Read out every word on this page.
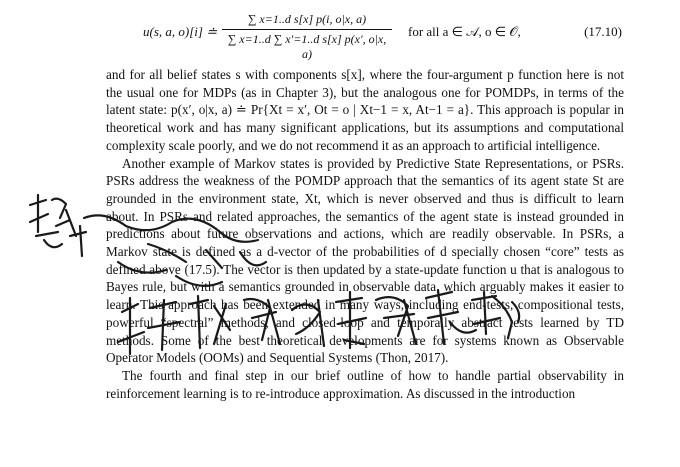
u(s, a, o)[i] ≐ $\frac{\text{∑ x=1..d s[x] p(i, o|x, a)}}{\text{∑ x=1..d ∑ x′=1..d s[x] p(x′, o|x, a)}}$ for all a ∈ 𝒜, o ∈ 𝒪,	(17.10)

and for all belief states s with components s[x], where the four-argument p function here is not the usual one for MDPs (as in Chapter 3), but the analogous one for POMDPs, in terms of the latent state: p(x′, o|x, a) ≐ Pr{Xt = x′, Ot = o | Xt−1 = x, At−1 = a}. This approach is popular in theoretical work and has many significant applications, but its assumptions and computational complexity scale poorly, and we do not recommend it as an approach to artificial intelligence.

Another example of Markov states is provided by Predictive State Representations, or PSRs. PSRs address the weakness of the POMDP approach that the semantics of its agent state St are grounded in the environment state, Xt, which is never observed and thus is difficult to learn about. In PSRs and related approaches, the semantics of the agent state is instead grounded in predictions about future observations and actions, which are readily observable. In PSRs, a Markov state is defined as a d-vector of the probabilities of d specially chosen “core” tests as defined above (17.5). The vector is then updated by a state-update function u that is analogous to Bayes rule, but with a semantics grounded in observable data, which arguably makes it easier to learn. This approach has been extended in many ways, including end-tests, compositional tests, powerful “spectral” methods, and closed-loop and temporally abstract tests learned by TD methods. Some of the best theoretical developments are for systems known as Observable Operator Models (OOMs) and Sequential Systems (Thon, 2017).

The fourth and final step in our brief outline of how to handle partial observability in reinforcement learning is to re-introduce approximation. As discussed in the introduction
